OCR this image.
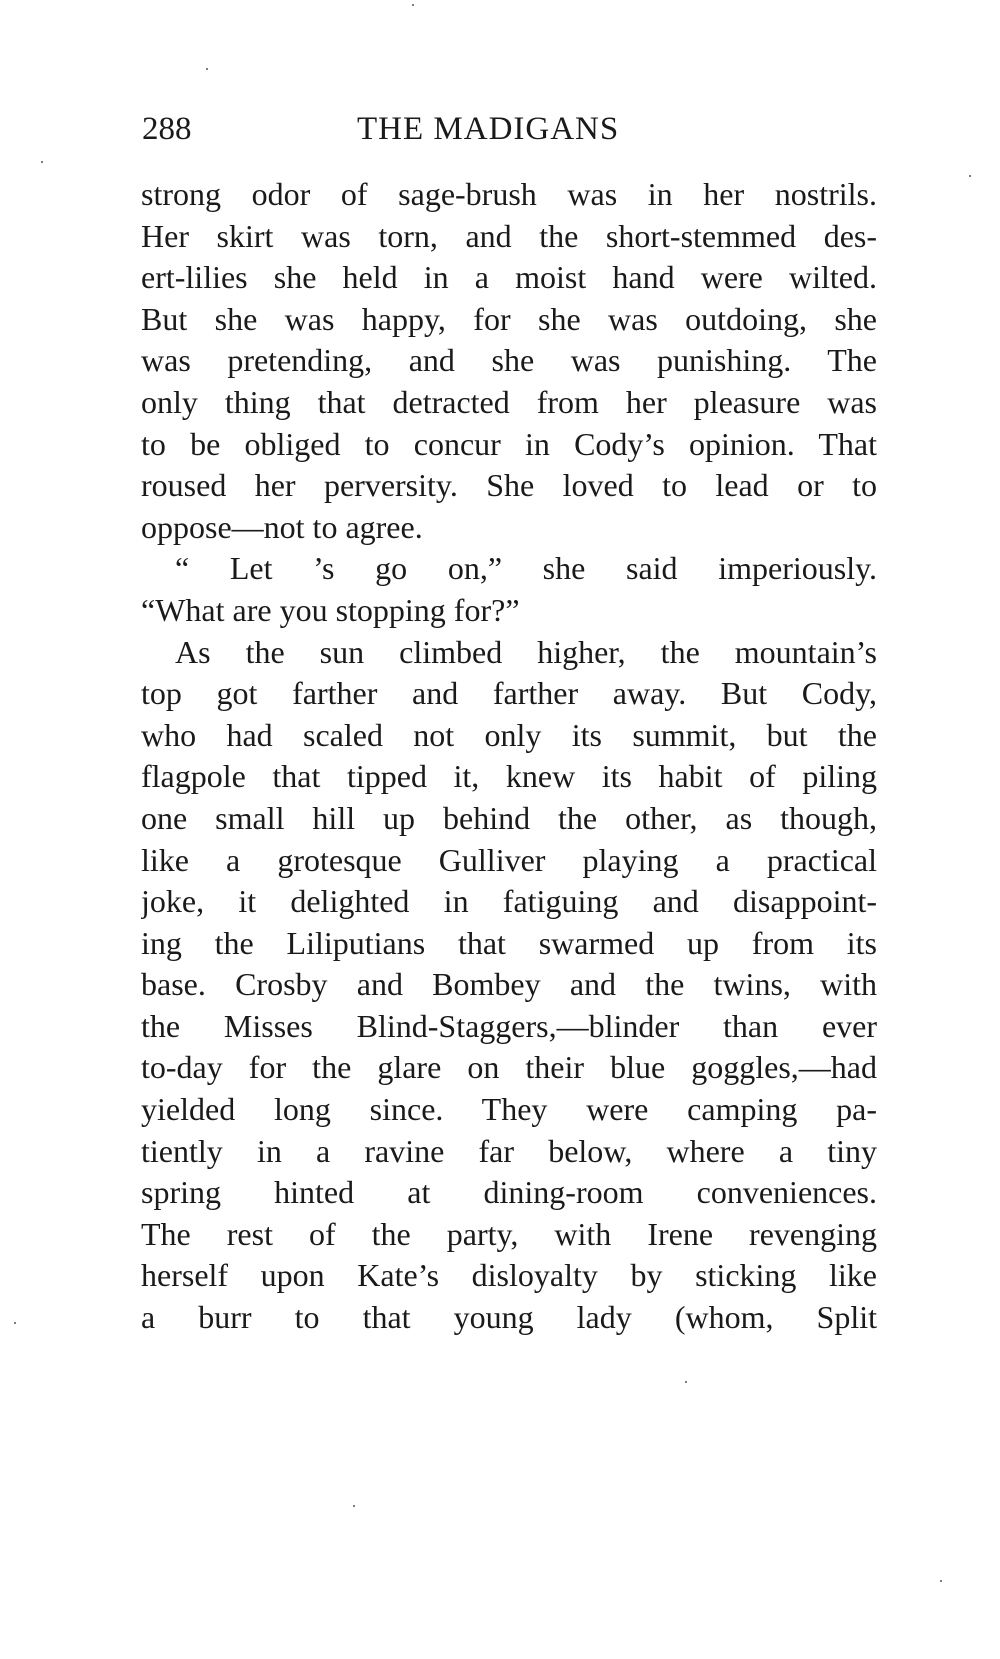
288	THE MADIGANS
strong odor of sage-brush was in her nostrils.
Her skirt was torn, and the short-stemmed des-
ert-lilies she held in a moist hand were wilted.
But she was happy, for she was outdoing, she
was pretending, and she was punishing. The
only thing that detracted from her pleasure was
to be obliged to concur in Cody’s opinion. That
roused her perversity. She loved to lead or to
oppose—not to agree.
“ Let ’s go on,” she said imperiously.
“What are you stopping for?”
As the sun climbed higher, the mountain’s
top got farther and farther away. But Cody,
who had scaled not only its summit, but the
flagpole that tipped it, knew its habit of piling
one small hill up behind the other, as though,
like a grotesque Gulliver playing a practical
joke, it delighted in fatiguing and disappoint-
ing the Liliputians that swarmed up from its
base. Crosby and Bombey and the twins, with
the Misses Blind-Staggers,—blinder than ever
to-day for the glare on their blue goggles,—had
yielded long since. They were camping pa-
tiently in a ravine far below, where a tiny
spring hinted at dining-room conveniences.
The rest of the party, with Irene revenging
herself upon Kate’s disloyalty by sticking like
a burr to that young lady (whom, Split
